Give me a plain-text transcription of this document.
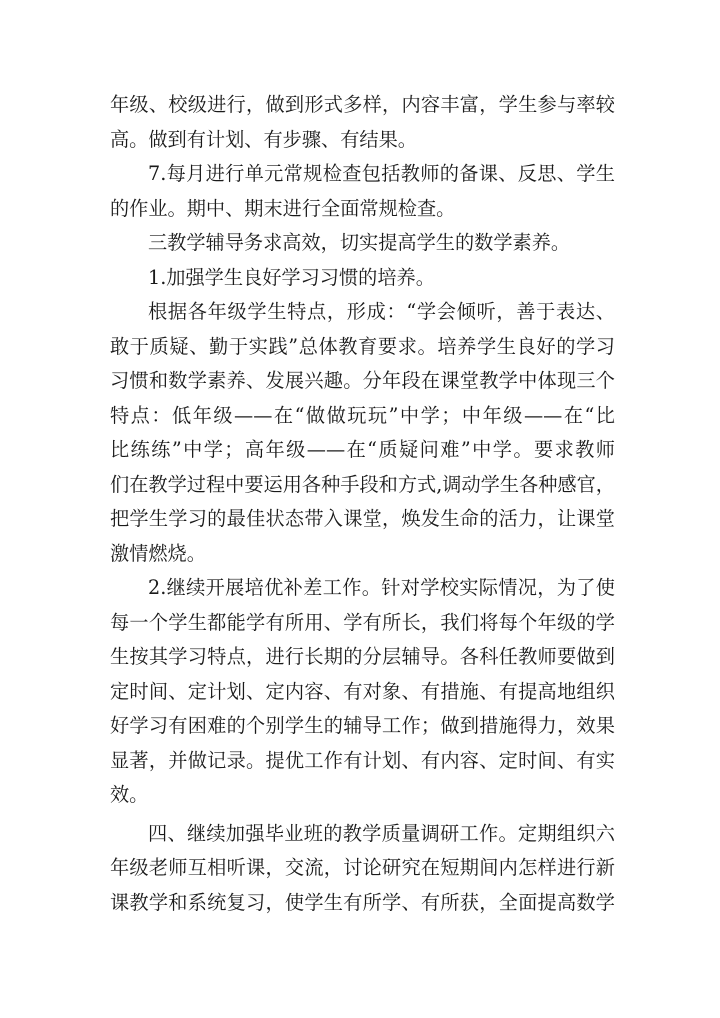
年级、校级进行，做到形式多样，内容丰富，学生参与率较
高。做到有计划、有步骤、有结果。
7.每月进行单元常规检查包括教师的备课、反思、学生
的作业。期中、期末进行全面常规检查。
三教学辅导务求高效，切实提高学生的数学素养。
1.加强学生良好学习习惯的培养。
根据各年级学生特点，形成：“学会倾听，善于表达、
敢于质疑、勤于实践”总体教育要求。培养学生良好的学习
习惯和数学素养、发展兴趣。分年段在课堂教学中体现三个
特点：低年级——在“做做玩玩”中学；中年级——在“比
比练练”中学；高年级——在“质疑问难”中学。要求教师
们在教学过程中要运用各种手段和方式,调动学生各种感官，
把学生学习的最佳状态带入课堂，焕发生命的活力，让课堂
激情燃烧。
2.继续开展培优补差工作。针对学校实际情况，为了使
每一个学生都能学有所用、学有所长，我们将每个年级的学
生按其学习特点，进行长期的分层辅导。各科任教师要做到
定时间、定计划、定内容、有对象、有措施、有提高地组织
好学习有困难的个别学生的辅导工作；做到措施得力，效果
显著，并做记录。提优工作有计划、有内容、定时间、有实
效。
四、继续加强毕业班的教学质量调研工作。定期组织六
年级老师互相听课，交流，讨论研究在短期间内怎样进行新
课教学和系统复习，使学生有所学、有所获，全面提高数学
